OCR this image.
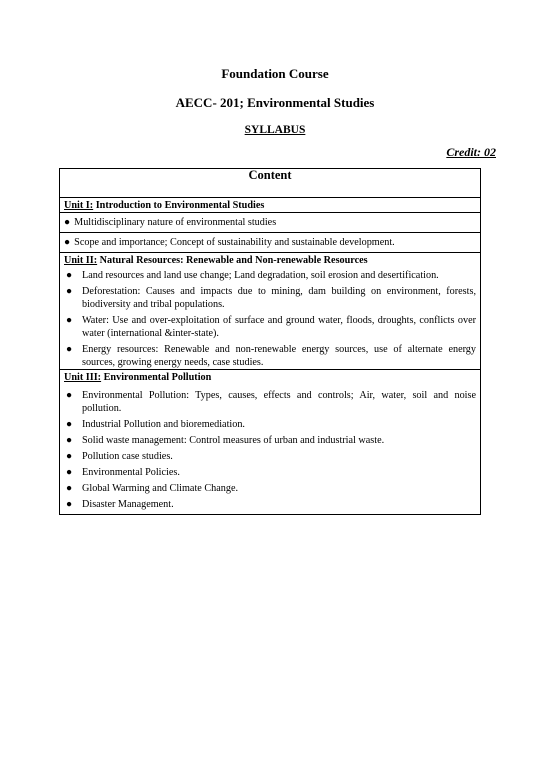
Foundation Course
AECC- 201; Environmental Studies
SYLLABUS
Credit: 02
Content

Unit I: Introduction to Environmental Studies
● Multidisciplinary nature of environmental studies
● Scope and importance; Concept of sustainability and sustainable development.

Unit II: Natural Resources: Renewable and Non-renewable Resources
● Land resources and land use change; Land degradation, soil erosion and desertification.
● Deforestation: Causes and impacts due to mining, dam building on environment, forests, biodiversity and tribal populations.
● Water: Use and over-exploitation of surface and ground water, floods, droughts, conflicts over water (international &inter-state).
● Energy resources: Renewable and non-renewable energy sources, use of alternate energy sources, growing energy needs, case studies.

Unit III: Environmental Pollution
● Environmental Pollution: Types, causes, effects and controls; Air, water, soil and noise pollution.
● Industrial Pollution and bioremediation.
● Solid waste management: Control measures of urban and industrial waste.
● Pollution case studies.
● Environmental Policies.
● Global Warming and Climate Change.
● Disaster Management.
